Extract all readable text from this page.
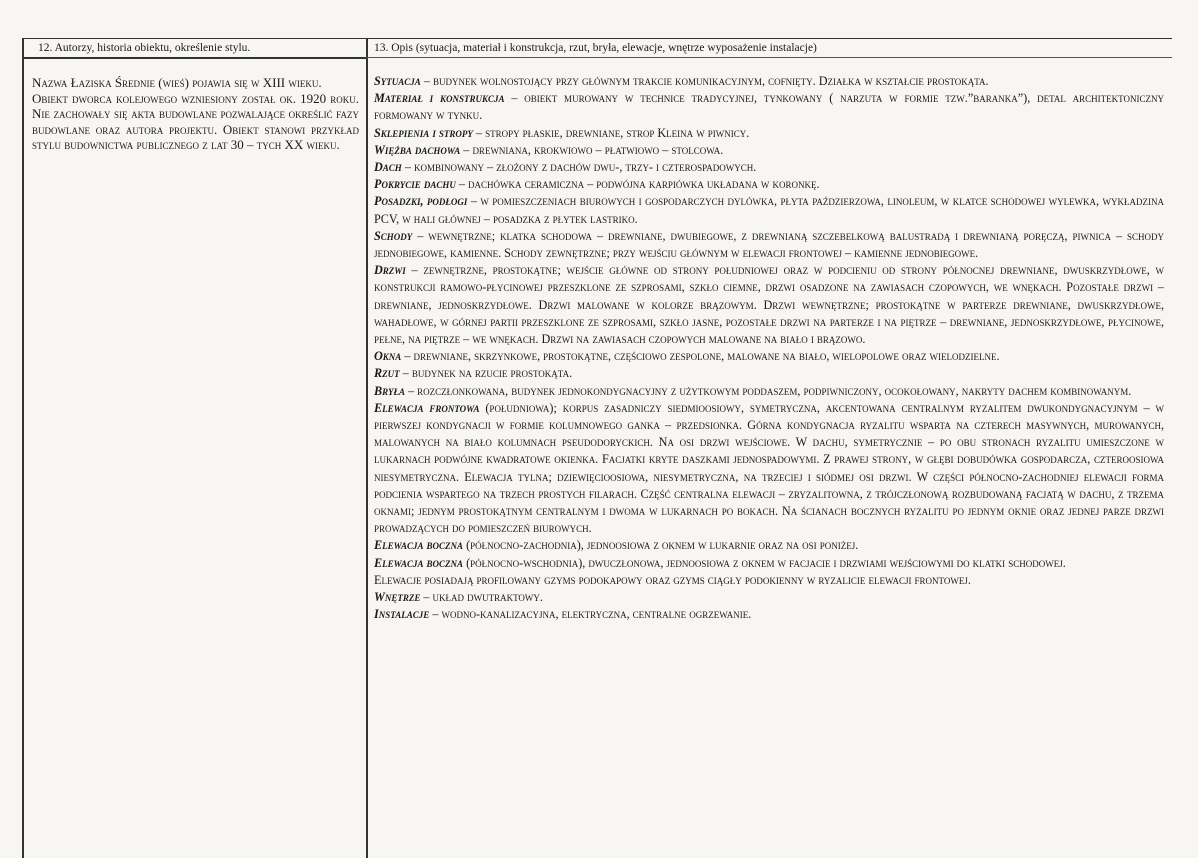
12. Autorzy, historia obiektu, określenie stylu.	13. Opis (sytuacja, materiał i konstrukcja, rzut, bryła, elewacje, wnętrze wyposażenie instalacje)

Nazwa Łaziska Średnie (wieś) pojawia się w XIII wieku.

Obiekt dworca kolejowego wzniesiony został ok. 1920 roku. Nie zachowały się akta budowlane pozwalające określić fazy budowlane oraz autora projektu. Obiekt stanowi przykład stylu budownictwa publicznego z lat 30 – tych XX wieku.

Sytuacja – budynek wolnostojący przy głównym trakcie komunikacyjnym, cofnięty. Działka w kształcie prostokąta.

Materiał i konstrukcja – obiekt murowany w technice tradycyjnej, tynkowany ( narzuta w formie tzw.”baranka”), detal architektoniczny formowany w tynku.

Sklepienia i stropy – stropy płaskie, drewniane, strop Kleina w piwnicy.

Więźba dachowa – drewniana, krokwiowo – płatwiowo – stolcowa.

Dach – kombinowany – złożony z dachów dwu-, trzy- i czterospadowych.

Pokrycie dachu – dachówka ceramiczna – podwójna karpiówka układana w koronkę.

Posadzki, podłogi – w pomieszczeniach biurowych i gospodarczych dylówka, płyta paździerzowa, linoleum, w klatce schodowej wylewka, wykładzina PCV, w hali głównej – posadzka z płytek lastriko.

Schody – wewnętrzne; klatka schodowa – drewniane, dwubiegowe, z drewnianą szczebelkową balustradą i drewnianą poręczą, piwnica – schody jednobiegowe, kamienne. Schody zewnętrzne; przy wejściu głównym w elewacji frontowej – kamienne jednobiegowe.

Drzwi – zewnętrzne, prostokątne; wejście główne od strony południowej oraz w podcieniu od strony północnej drewniane, dwuskrzydłowe, w konstrukcji ramowo-płycinowej przeszklone ze szprosami, szkło ciemne, drzwi osadzone na zawiasach czopowych, we wnękach. Pozostałe drzwi – drewniane, jednoskrzydłowe. Drzwi malowane w kolorze brązowym. Drzwi wewnętrzne; prostokątne w parterze drewniane, dwuskrzydłowe, wahadłowe, w górnej partii przeszklone ze szprosami, szkło jasne, pozostałe drzwi na parterze i na piętrze – drewniane, jednoskrzydłowe, płycinowe, pełne, na piętrze – we wnękach. Drzwi na zawiasach czopowych malowane na biało i brązowo.

Okna – drewniane, skrzynkowe, prostokątne, częściowo zespolone, malowane na biało, wielopolowe oraz wielodzielne.

Rzut – budynek na rzucie prostokąta.

Bryła – rozczłonkowana, budynek jednokondygnacyjny z użytkowym poddaszem, podpiwniczony, ocokołowany, nakryty dachem kombinowanym.

Elewacja frontowa (południowa); korpus zasadniczy siedmioosiowy, symetryczna, akcentowana centralnym ryzalitem dwukondygnacyjnym – w pierwszej kondygnacji w formie kolumnowego ganka – przedsionka. Górna kondygnacja ryzalitu wsparta na czterech masywnych, murowanych, malowanych na biało kolumnach pseudodoryckich. Na osi drzwi wejściowe. W dachu, symetrycznie – po obu stronach ryzalitu umieszczone w lukarnach podwójne kwadratowe okienka. Facjatki kryte daszkami jednospadowymi. Z prawej strony, w głębi dobudówka gospodarcza, czteroosiowa niesymetryczna. Elewacja tylna; dziewięcioosiowa, niesymetryczna, na trzeciej i siódmej osi drzwi. W części północno-zachodniej elewacji forma podcienia wspartego na trzech prostych filarach. Część centralna elewacji – zryzalitowna, z trójczłonową rozbudowaną facjatą w dachu, z trzema oknami; jednym prostokątnym centralnym i dwoma w lukarnach po bokach. Na ścianach bocznych ryzalitu po jednym oknie oraz jednej parze drzwi prowadzących do pomieszczeń biurowych.

Elewacja boczna (północno-zachodnia), jednoosiowa z oknem w lukarnie oraz na osi poniżej.

Elewacja boczna (północno-wschodnia), dwuczłonowa, jednoosiowa z oknem w facjacie i drzwiami wejściowymi do klatki schodowej.

Elewacje posiadają profilowany gzyms podokapowy oraz gzyms ciągły podokienny w ryzalicie elewacji frontowej.

Wnętrze – układ dwutraktowy.

Instalacje – wodno-kanalizacyjna, elektryczna, centralne ogrzewanie.
